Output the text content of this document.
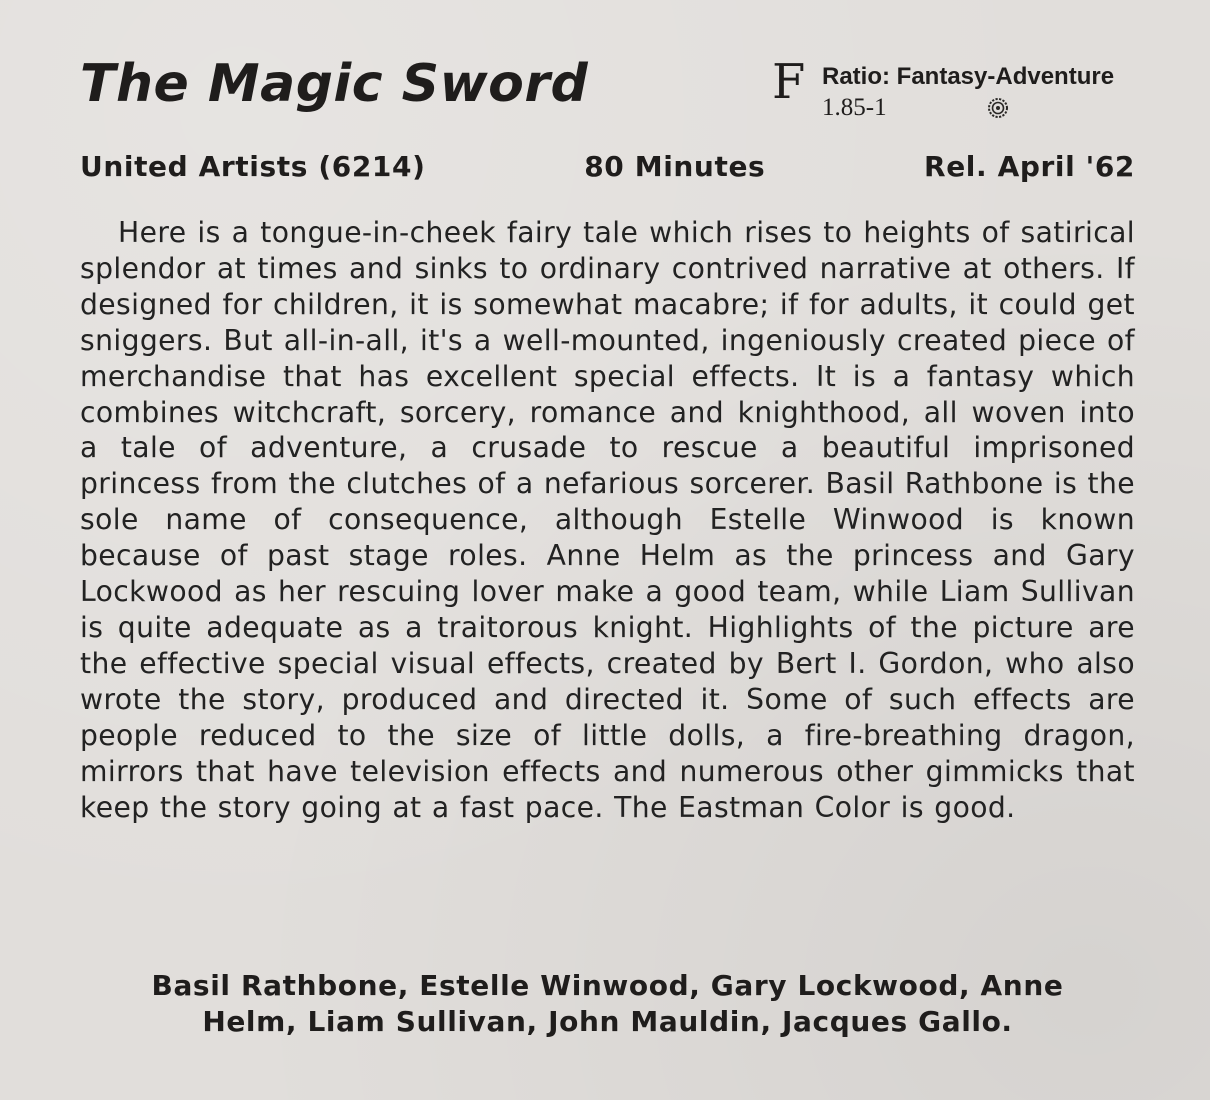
The Magic Sword	F Ratio: Fantasy-Adventure
1.85-1
United Artists (6214)	80 Minutes	Rel. April '62

Here is a tongue-in-cheek fairy tale which rises to heights of satirical splendor at times and sinks to ordinary contrived narrative at others. If designed for children, it is somewhat macabre; if for adults, it could get sniggers. But all-in-all, it's a well-mounted, ingeniously created piece of merchandise that has excellent special effects. It is a fantasy which combines witchcraft, sorcery, romance and knighthood, all woven into a tale of adventure, a crusade to rescue a beautiful imprisoned princess from the clutches of a nefarious sorcerer. Basil Rathbone is the sole name of consequence, although Estelle Winwood is known because of past stage roles. Anne Helm as the princess and Gary Lockwood as her rescuing lover make a good team, while Liam Sullivan is quite adequate as a traitorous knight. Highlights of the picture are the effective special visual effects, created by Bert I. Gordon, who also wrote the story, produced and directed it. Some of such effects are people reduced to the size of little dolls, a fire-breathing dragon, mirrors that have television effects and numerous other gimmicks that keep the story going at a fast pace. The Eastman Color is good.

Basil Rathbone, Estelle Winwood, Gary Lockwood, Anne Helm, Liam Sullivan, John Mauldin, Jacques Gallo.
